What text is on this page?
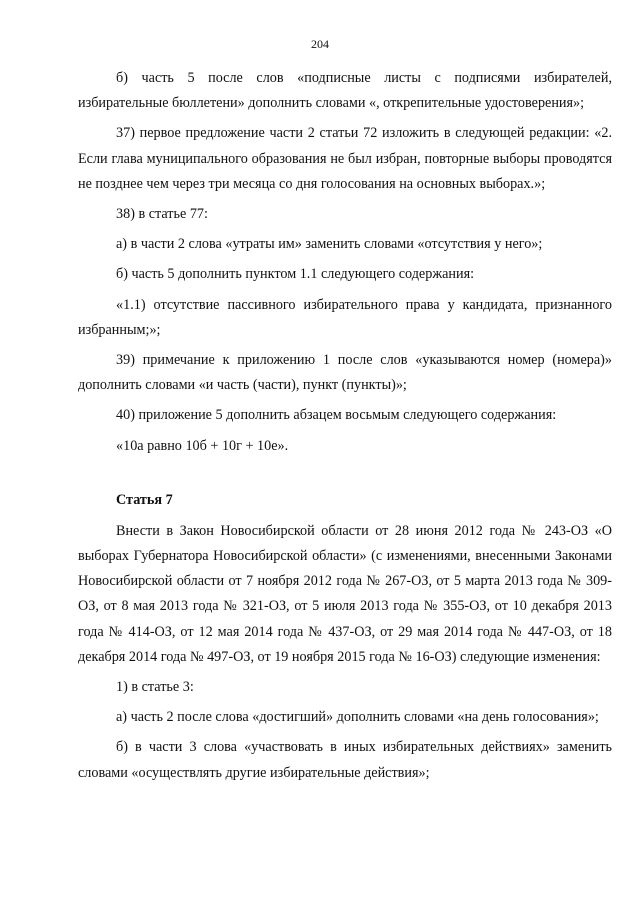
204

б) часть 5 после слов «подписные листы с подписями избирателей, избирательные бюллетени» дополнить словами «, открепительные удостоверения»;

37) первое предложение части 2 статьи 72 изложить в следующей редакции: «2. Если глава муниципального образования не был избран, повторные выборы проводятся не позднее чем через три месяца со дня голосования на основных выборах.»;

38) в статье 77:

а) в части 2 слова «утраты им» заменить словами «отсутствия у него»;

б) часть 5 дополнить пунктом 1.1 следующего содержания:

«1.1) отсутствие пассивного избирательного права у кандидата, признанного избранным;»;

39) примечание к приложению 1 после слов «указываются номер (номера)» дополнить словами «и часть (части), пункт (пункты)»;

40) приложение 5 дополнить абзацем восьмым следующего содержания:

«10а равно 10б + 10г + 10е».

Статья 7

Внести в Закон Новосибирской области от 28 июня 2012 года № 243-ОЗ «О выборах Губернатора Новосибирской области» (с изменениями, внесенными Законами Новосибирской области от 7 ноября 2012 года № 267-ОЗ, от 5 марта 2013 года № 309-ОЗ, от 8 мая 2013 года № 321-ОЗ, от 5 июля 2013 года № 355-ОЗ, от 10 декабря 2013 года № 414-ОЗ, от 12 мая 2014 года № 437-ОЗ, от 29 мая 2014 года № 447-ОЗ, от 18 декабря 2014 года № 497-ОЗ, от 19 ноября 2015 года № 16-ОЗ) следующие изменения:

1) в статье 3:

а) часть 2 после слова «достигший» дополнить словами «на день голосования»;

б) в части 3 слова «участвовать в иных избирательных действиях» заменить словами «осуществлять другие избирательные действия»;
